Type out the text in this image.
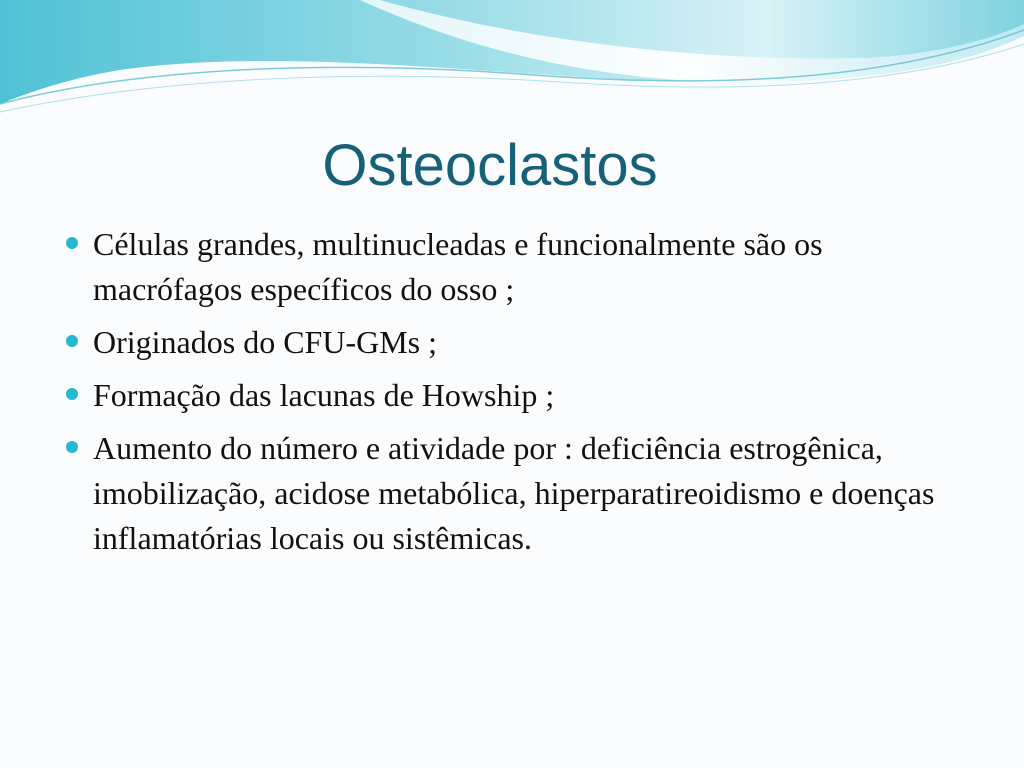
Osteoclastos
Células grandes, multinucleadas e funcionalmente são os macrófagos específicos do osso ;
Originados do CFU-GMs ;
Formação das lacunas de Howship ;
Aumento do número e atividade por : deficiência estrogênica, imobilização, acidose metabólica, hiperparatireoidismo e doenças inflamatórias locais ou sistêmicas.
